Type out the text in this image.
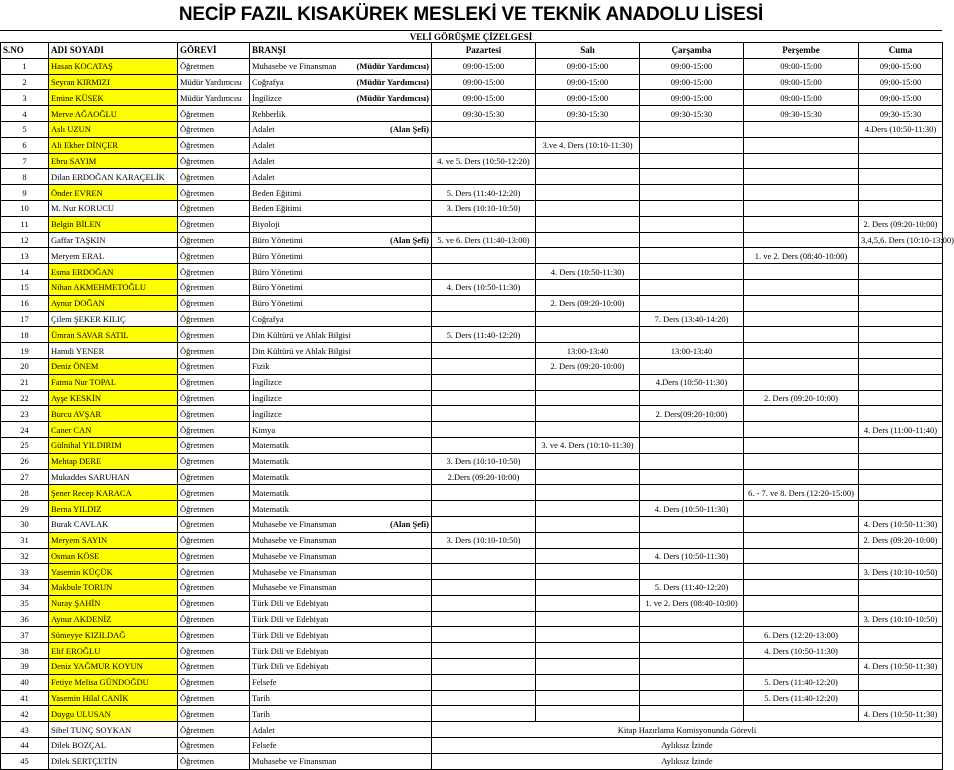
NECİP FAZIL KISAKÜREK MESLEKİ VE TEKNİK ANADOLU LİSESİ
VELİ GÖRÜŞME ÇİZELGESİ
S.NO	ADI SOYADI	GÖREVİ	BRANŞI	Pazartesi	Salı	Çarşamba	Perşembe	Cuma
1	Hasan KOCATAŞ	Öğretmen	Muhasebe ve Finansman (Müdür Yardımcısı)	09:00-15:00	09:00-15:00	09:00-15:00	09:00-15:00	09:00-15:00
2	Seyran KIRMIZI	Müdür Yardımcısı	Coğrafya (Müdür Yardımcısı)	09:00-15:00	09:00-15:00	09:00-15:00	09:00-15:00	09:00-15:00
3	Emine KÜSEK	Müdür Yardımcısı	İngilizce (Müdür Yardımcısı)	09:00-15:00	09:00-15:00	09:00-15:00	09:00-15:00	09:00-15:00
4	Merve AĞAOĞLU	Öğretmen	Rehberlik	09:30-15:30	09:30-15:30	09:30-15:30	09:30-15:30	09:30-15:30
5	Aslı UZUN	Öğretmen	Adalet (Alan Şefi)					4.Ders (10:50-11:30)
6	Ali Ekber DİNÇER	Öğretmen	Adalet		3.ve 4. Ders (10:10-11:30)			
7	Ebru SAYIM	Öğretmen	Adalet	4. ve 5. Ders (10:50-12:20)				
8	Dilan ERDOĞAN KARAÇELİK	Öğretmen	Adalet					
9	Önder EVREN	Öğretmen	Beden Eğitimi	5. Ders (11:40-12:20)				
10	M. Nur KORUCU	Öğretmen	Beden Eğitimi	3. Ders (10:10-10:50)				
11	Belgin BİLEN	Öğretmen	Biyoloji					2. Ders (09:20-10:00)
12	Gaffar TAŞKIN	Öğretmen	Büro Yönetimi (Alan Şefi)	5. ve 6. Ders (11:40-13:00)				3,4,5,6. Ders (10:10-13:00)
13	Meryem ERAL	Öğretmen	Büro Yönetimi				1. ve 2. Ders (08:40-10:00)	
14	Esma ERDOĞAN	Öğretmen	Büro Yönetimi		4. Ders (10:50-11:30)			
15	Nihan AKMEHMETOĞLU	Öğretmen	Büro Yönetimi	4. Ders (10:50-11:30)				
16	Aynur DOĞAN	Öğretmen	Büro Yönetimi		2. Ders (09:20-10:00)			
17	Çilem ŞEKER KILIÇ	Öğretmen	Coğrafya			7. Ders (13:40-14:20)		
18	Ümran SAVAR SATIL	Öğretmen	Din Kültürü ve Ahlak Bilgisi	5. Ders (11:40-12:20)				
19	Hamdi YENER	Öğretmen	Din Kültürü ve Ahlak Bilgisi		13:00-13:40	13:00-13:40		
20	Deniz ÖNEM	Öğretmen	Fizik		2. Ders (09:20-10:00)			
21	Fatma Nur TOPAL	Öğretmen	İngilizce			4.Ders (10:50-11:30)		
22	Ayşe KESKİN	Öğretmen	İngilizce				2. Ders (09:20-10:00)	
23	Burcu AVŞAR	Öğretmen	İngilizce			2. Ders(09:20-10:00)		
24	Caner CAN	Öğretmen	Kimya					4. Ders (11:00-11:40)
25	Gülnihal YILDIRIM	Öğretmen	Matematik		3. ve 4. Ders (10:10-11:30)			
26	Mehtap DERE	Öğretmen	Matematik	3. Ders (10:10-10:50)				
27	Mukaddes SARUHAN	Öğretmen	Matematik	2.Ders (09:20-10:00)				
28	Şener Recep KARACA	Öğretmen	Matematik				6. - 7. ve 8. Ders (12:20-15:00)	
29	Berna YILDIZ	Öğretmen	Matematik			4. Ders (10:50-11:30)		
30	Burak CAVLAK	Öğretmen	Muhasebe ve Finansman (Alan Şefi)					4. Ders (10:50-11:30)
31	Meryem SAYIN	Öğretmen	Muhasebe ve Finansman	3. Ders (10:10-10:50)				2. Ders (09:20-10:00)
32	Osman KÖSE	Öğretmen	Muhasebe ve Finansman			4. Ders (10:50-11:30)		
33	Yasemin KÜÇÜK	Öğretmen	Muhasebe ve Finansman					3. Ders (10:10-10:50)
34	Makbule TORUN	Öğretmen	Muhasebe ve Finansman			5. Ders (11:40-12:20)		
35	Nuray ŞAHİN	Öğretmen	Türk Dili ve Edebiyatı			1. ve 2. Ders (08:40-10:00)		
36	Aynur AKDENİZ	Öğretmen	Türk Dili ve Edebiyatı					3. Ders (10:10-10:50)
37	Sümeyye KIZILDAĞ	Öğretmen	Türk Dili ve Edebiyatı				6. Ders (12:20-13:00)	
38	Elif EROĞLU	Öğretmen	Türk Dili ve Edebiyatı				4. Ders (10:50-11:30)	
39	Deniz YAĞMUR KOYUN	Öğretmen	Türk Dili ve Edebiyatı					4. Ders (10:50-11:30)
40	Fetiye Melisa GÜNDOĞDU	Öğretmen	Felsefe				5. Ders (11:40-12:20)	
41	Yasemin Hilal CANİK	Öğretmen	Tarih				5. Ders (11:40-12:20)	
42	Duygu ULUSAN	Öğretmen	Tarih					4. Ders (10:50-11:30)
43	Sibel TUNÇ SOYKAN	Öğretmen	Adalet	Kitap Hazırlama Komisyonunda Görevli				
44	Dilek BOZÇAL	Öğretmen	Felsefe	Aylıksız İzinde				
45	Dilek SERTÇETİN	Öğretmen	Muhasebe ve Finansman	Aylıksız İzinde				
